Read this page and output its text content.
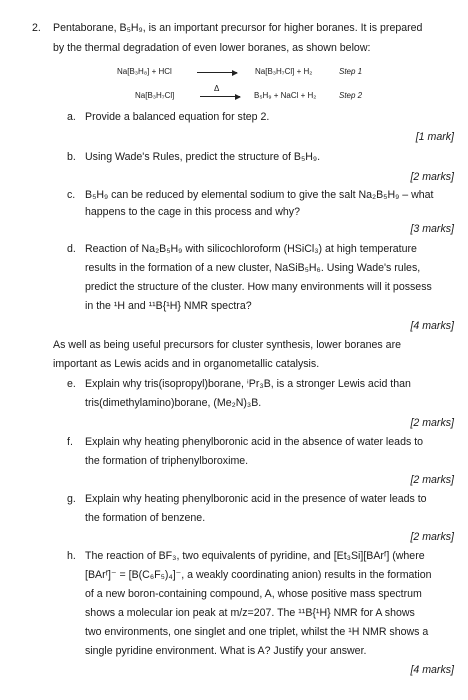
2. Pentaborane, B₅H₉, is an important precursor for higher boranes. It is prepared
by the thermal degradation of even lower boranes, as shown below:
Na[B₃H₈] + HCl	Na[B₃H₇Cl] + H₂	Step 1
Na[B₃H₇Cl]
Δ
B₅H₉ + NaCl + H₂	Step 2
a. Provide a balanced equation for step 2.
[1 mark]
b. Using Wade's Rules, predict the structure of B₅H₉.
[2 marks]
c. B₅H₉ can be reduced by elemental sodium to give the salt Na₂B₅H₉ – what
happens to the cage in this process and why?
[3 marks]
d. Reaction of Na₂B₅H₉ with silicochloroform (HSiCl₃) at high temperature
results in the formation of a new cluster, NaSiB₅H₆. Using Wade's rules,
predict the structure of the cluster. How many environments will it possess
in the ¹H and ¹¹B{¹H} NMR spectra?
[4 marks]
As well as being useful precursors for cluster synthesis, lower boranes are
important as Lewis acids and in organometallic catalysis.
e. Explain why tris(isopropyl)borane, ⁱPr₃B, is a stronger Lewis acid than
tris(dimethylamino)borane, (Me₂N)₃B.
[2 marks]
f. Explain why heating phenylboronic acid in the absence of water leads to
the formation of triphenylboroxime.
[2 marks]
g. Explain why heating phenylboronic acid in the presence of water leads to
the formation of benzene.
[2 marks]
h. The reaction of BF₃, two equivalents of pyridine, and [Et₃Si][BArᶠ] (where
[BArᶠ]⁻ = [B(C₆F₅)₄]⁻, a weakly coordinating anion) results in the formation
of a new boron-containing compound, A, whose positive mass spectrum
shows a molecular ion peak at m/z=207. The ¹¹B{¹H} NMR for A shows
two environments, one singlet and one triplet, whilst the ¹H NMR shows a
single pyridine environment. What is A? Justify your answer.
[4 marks]
